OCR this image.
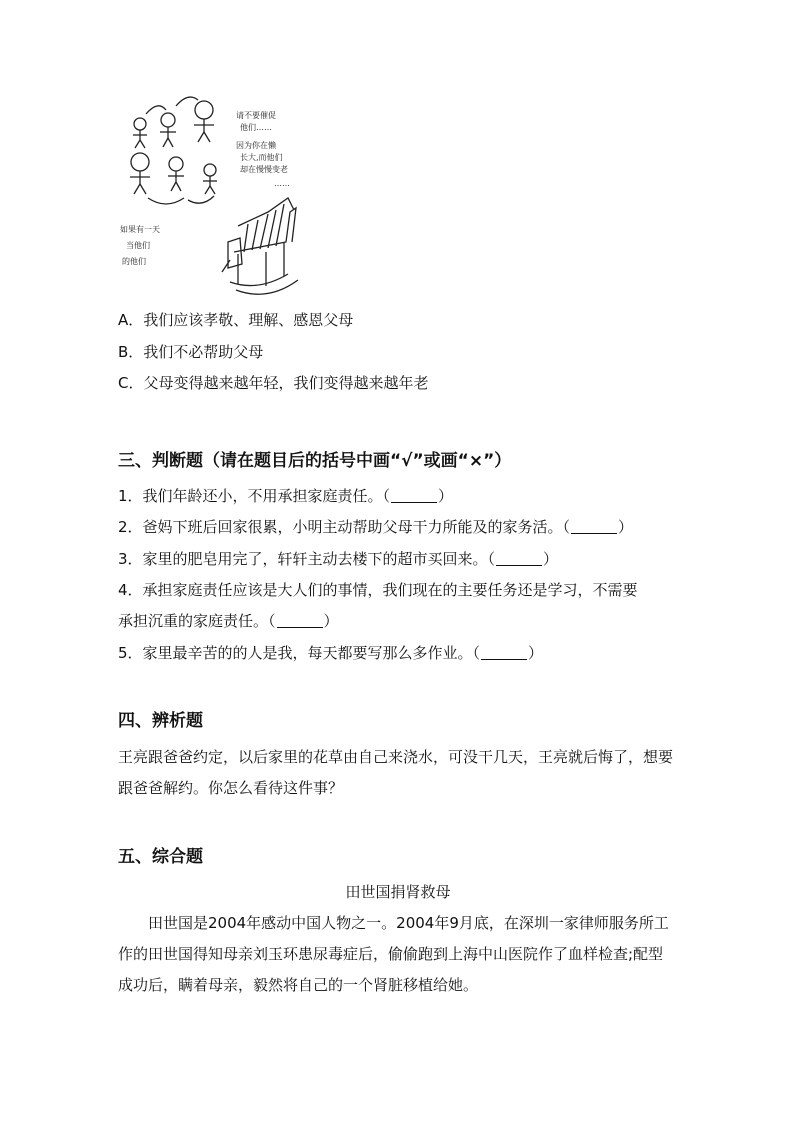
请不要催促
他们……
因为你在懒
长大,而他们
却在慢慢变老
……
如果有一天
当他们
的他们
A．我们应该孝敬、理解、感恩父母
B．我们不必帮助父母
C．父母变得越来越年轻，我们变得越来越年老
三、判断题（请在题目后的括号中画“√”或画“×”）
1．我们年龄还小，不用承担家庭责任。（	）
2．爸妈下班后回家很累，小明主动帮助父母干力所能及的家务活。（	）
3．家里的肥皂用完了，轩轩主动去楼下的超市买回来。（	）
4．承担家庭责任应该是大人们的事情，我们现在的主要任务还是学习，不需要
承担沉重的家庭责任。（	）
5．家里最辛苦的的人是我，每天都要写那么多作业。（	）
四、辨析题
王亮跟爸爸约定，以后家里的花草由自己来浇水，可没干几天，王亮就后悔了，想要跟爸爸解约。你怎么看待这件事？
五、综合题
田世国捐肾救母
田世国是2004年感动中国人物之一。2004年9月底，在深圳一家律师服务所工作的田世国得知母亲刘玉环患尿毒症后，偷偷跑到上海中山医院作了血样检查;配型成功后，瞒着母亲，毅然将自己的一个肾脏移植给她。
